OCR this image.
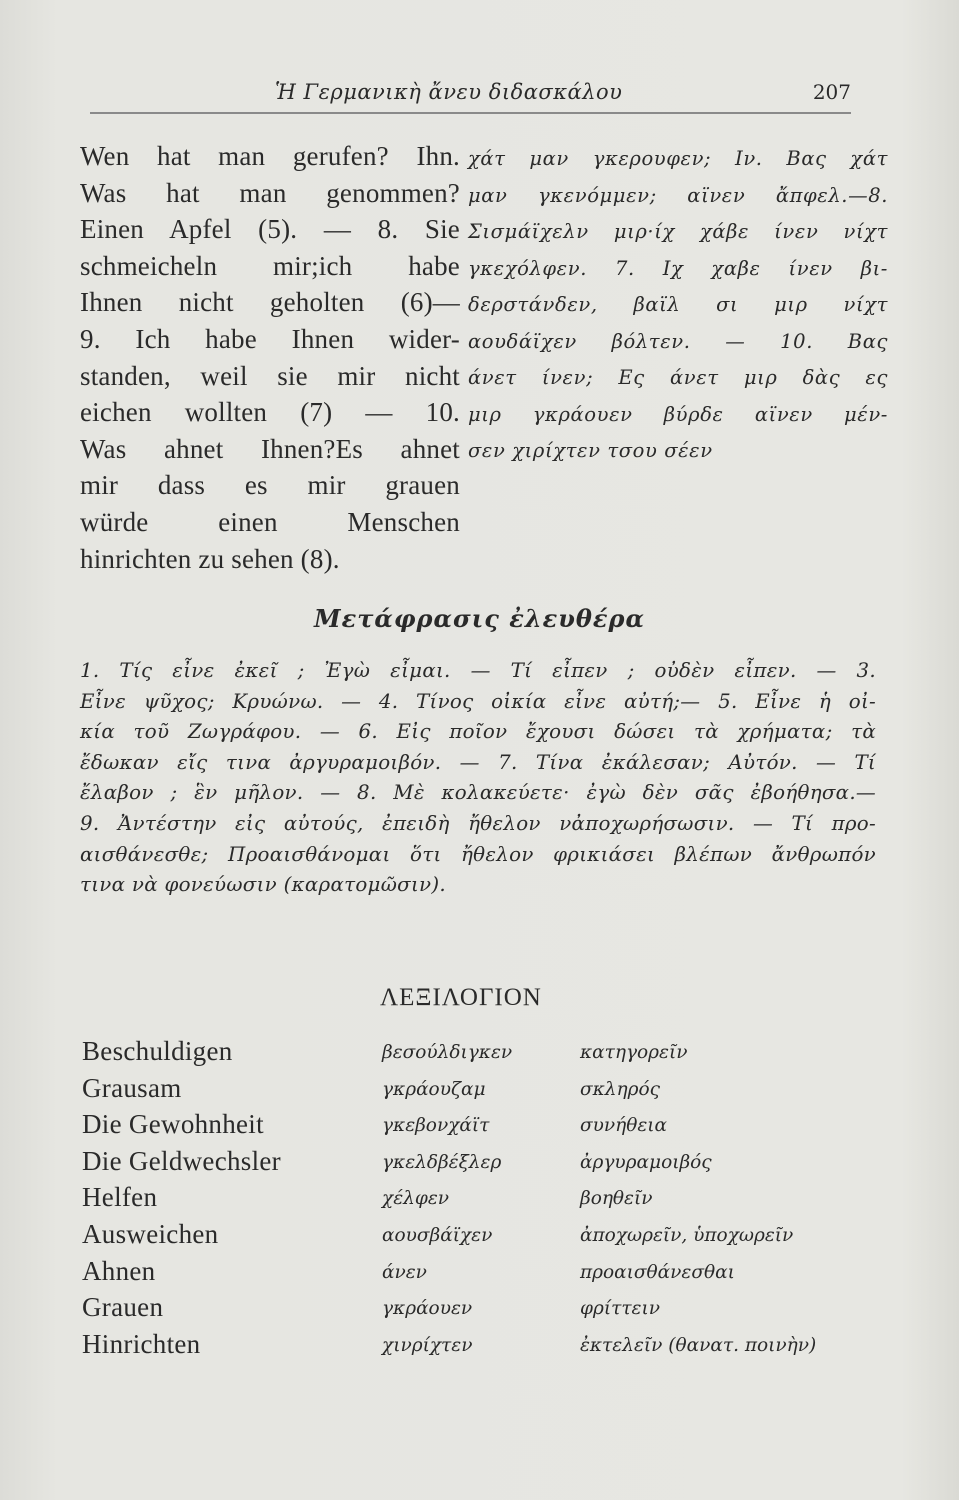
Ἡ Γερμανικὴ ἄνευ διδασκάλου	207
Wen hat man gerufen? Ihn.
Was hat man genommen?
Einen Apfel (5). — 8. Sie
schmeicheln mir;ich habe
Ihnen nicht geholten (6)—
9. Ich habe Ihnen wider-
standen, weil sie mir nicht
eichen wollten (7) — 10.
Was ahnet Ihnen?Es ahnet
mir dass es mir grauen
würde einen Menschen
hinrichten zu sehen (8).
χάτ μαν γκερουφεν; Ιν. Βας χάτ
μαν γκενόμμεν; αϊνεν ἄπφελ.—8.
Σισμάϊχελν μιρ·ίχ χάβε ίνεν νίχτ
γκεχόλφεν. 7. Ιχ χαβε ίνεν βι-
δερστάνδεν, βαϊλ σι μιρ νίχτ
αουδάϊχεν βόλτεν. — 10. Βας
άνετ ίνεν; Ες άνετ μιρ δὰς ες
μιρ γκράουεν βύρδε αϊνεν μέν-
σεν χιρίχτεν τσου σέεν
Μετάφρασις ἐλευθέρα
1. Τίς εἶνε ἐκεῖ ; Ἐγὼ εἶμαι. — Τί εἶπεν ; οὐδὲν εἶπεν. — 3.
Εἶνε ψῦχος; Κρυώνω. — 4. Τίνος οἰκία εἶνε αὐτή;— 5. Εἶνε ἡ οἰ-
κία τοῦ Ζωγράφου. — 6. Εἰς ποῖον ἔχουσι δώσει τὰ χρήματα; τὰ
ἔδωκαν εἴς τινα ἀργυραμοιβόν. — 7. Τίνα ἐκάλεσαν; Αὐτόν. — Τί
ἔλαβον ; ἓν μῆλον. — 8. Μὲ κολακεύετε· ἐγὼ δὲν σᾶς ἐβοήθησα.—
9. Ἀντέστην εἰς αὐτούς, ἐπειδὴ ἤθελον νἀποχωρήσωσιν. — Τί προ-
αισθάνεσθε; Προαισθάνομαι ὅτι ἤθελον φρικιάσει βλέπων ἄνθρωπόν
τινα νὰ φονεύωσιν (καρατομῶσιν).
ΛΕΞΙΛΟΓΙΟΝ
Beschuldigen	βεσούλδιγκεν	κατηγορεῖν
Grausam	γκράουζαμ	σκληρός
Die Gewohnheit	γκεβονχάϊτ	συνήθεια
Die Geldwechsler	γκελδβέξλερ	ἀργυραμοιβός
Helfen	χέλφεν	βοηθεῖν
Ausweichen	αουσβάϊχεν	ἀποχωρεῖν, ὑποχωρεῖν
Ahnen	άνεν	προαισθάνεσθαι
Grauen	γκράουεν	φρίττειν
Hinrichten	χινρίχτεν	ἐκτελεῖν (θανατ. ποινὴν)
